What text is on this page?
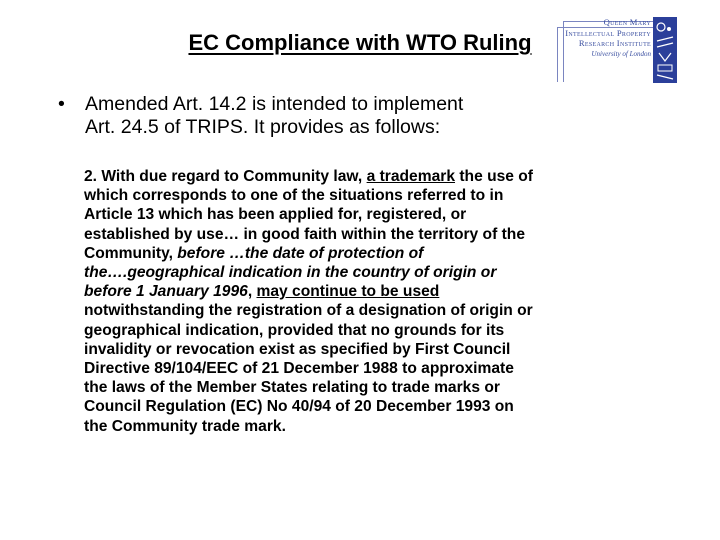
EC Compliance with WTO Ruling
Queen Mary
Intellectual Property
Research Institute
University of London
• Amended Art. 14.2 is intended to implement
Art. 24.5 of TRIPS. It provides as follows:
2. With due regard to Community law, a trademark the use of
which corresponds to one of the situations referred to in
Article 13 which has been applied for, registered, or
established by use… in good faith within the territory of the
Community, before …the date of protection of
the….geographical indication in the country of origin or
before 1 January 1996, may continue to be used
notwithstanding the registration of a designation of origin or
geographical indication, provided that no grounds for its
invalidity or revocation exist as specified by First Council
Directive 89/104/EEC of 21 December 1988 to approximate
the laws of the Member States relating to trade marks or
Council Regulation (EC) No 40/94 of 20 December 1993 on
the Community trade mark.
